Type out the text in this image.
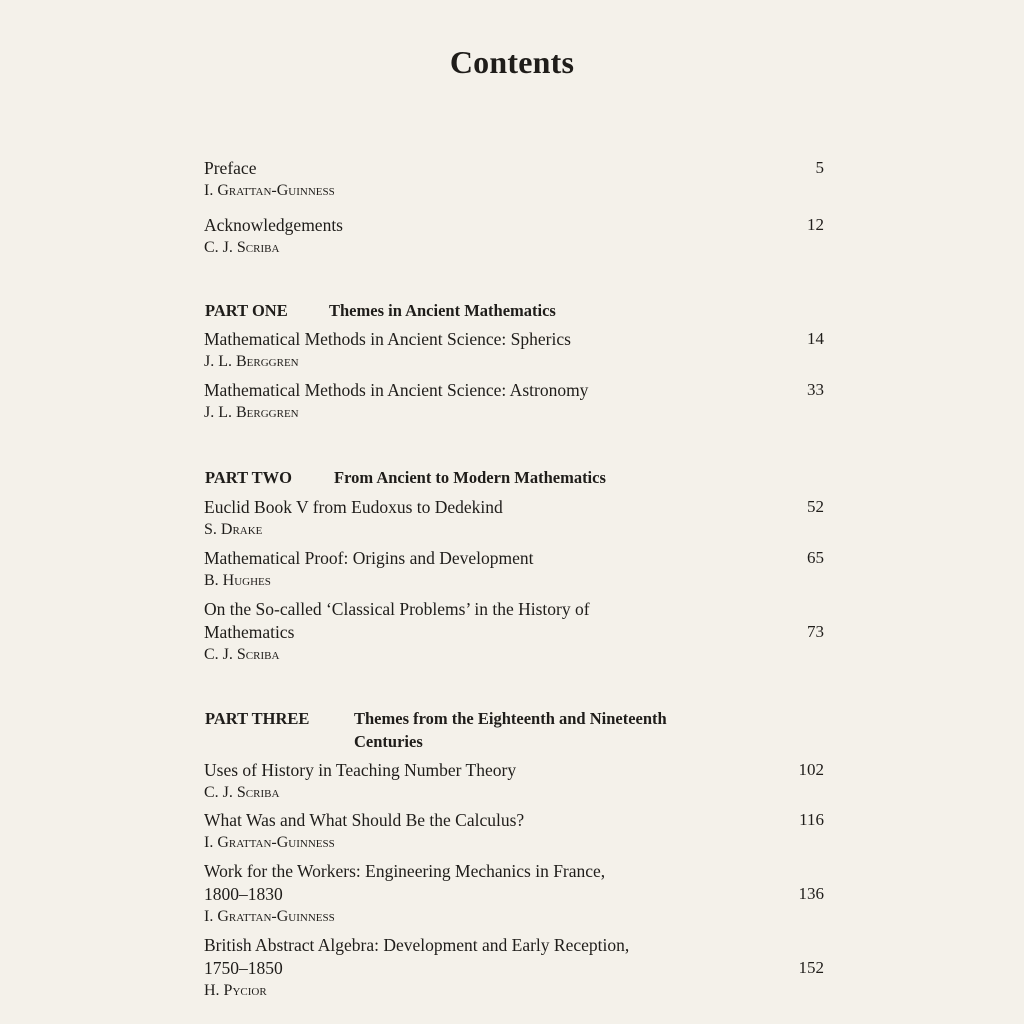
Contents
Preface	5
I. Grattan-Guinness
Acknowledgements	12
C. J. Scriba
PART ONE	Themes in Ancient Mathematics
Mathematical Methods in Ancient Science: Spherics	14
J. L. Berggren
Mathematical Methods in Ancient Science: Astronomy	33
J. L. Berggren
PART TWO	From Ancient to Modern Mathematics
Euclid Book V from Eudoxus to Dedekind	52
S. Drake
Mathematical Proof: Origins and Development	65
B. Hughes
On the So-called ‘Classical Problems’ in the History of
Mathematics	73
C. J. Scriba
PART THREE	Themes from the Eighteenth and Nineteenth
Centuries
Uses of History in Teaching Number Theory	102
C. J. Scriba
What Was and What Should Be the Calculus?	116
I. Grattan-Guinness
Work for the Workers: Engineering Mechanics in France,
1800–1830	136
I. Grattan-Guinness
British Abstract Algebra: Development and Early Reception,
1750–1850	152
H. Pycior
